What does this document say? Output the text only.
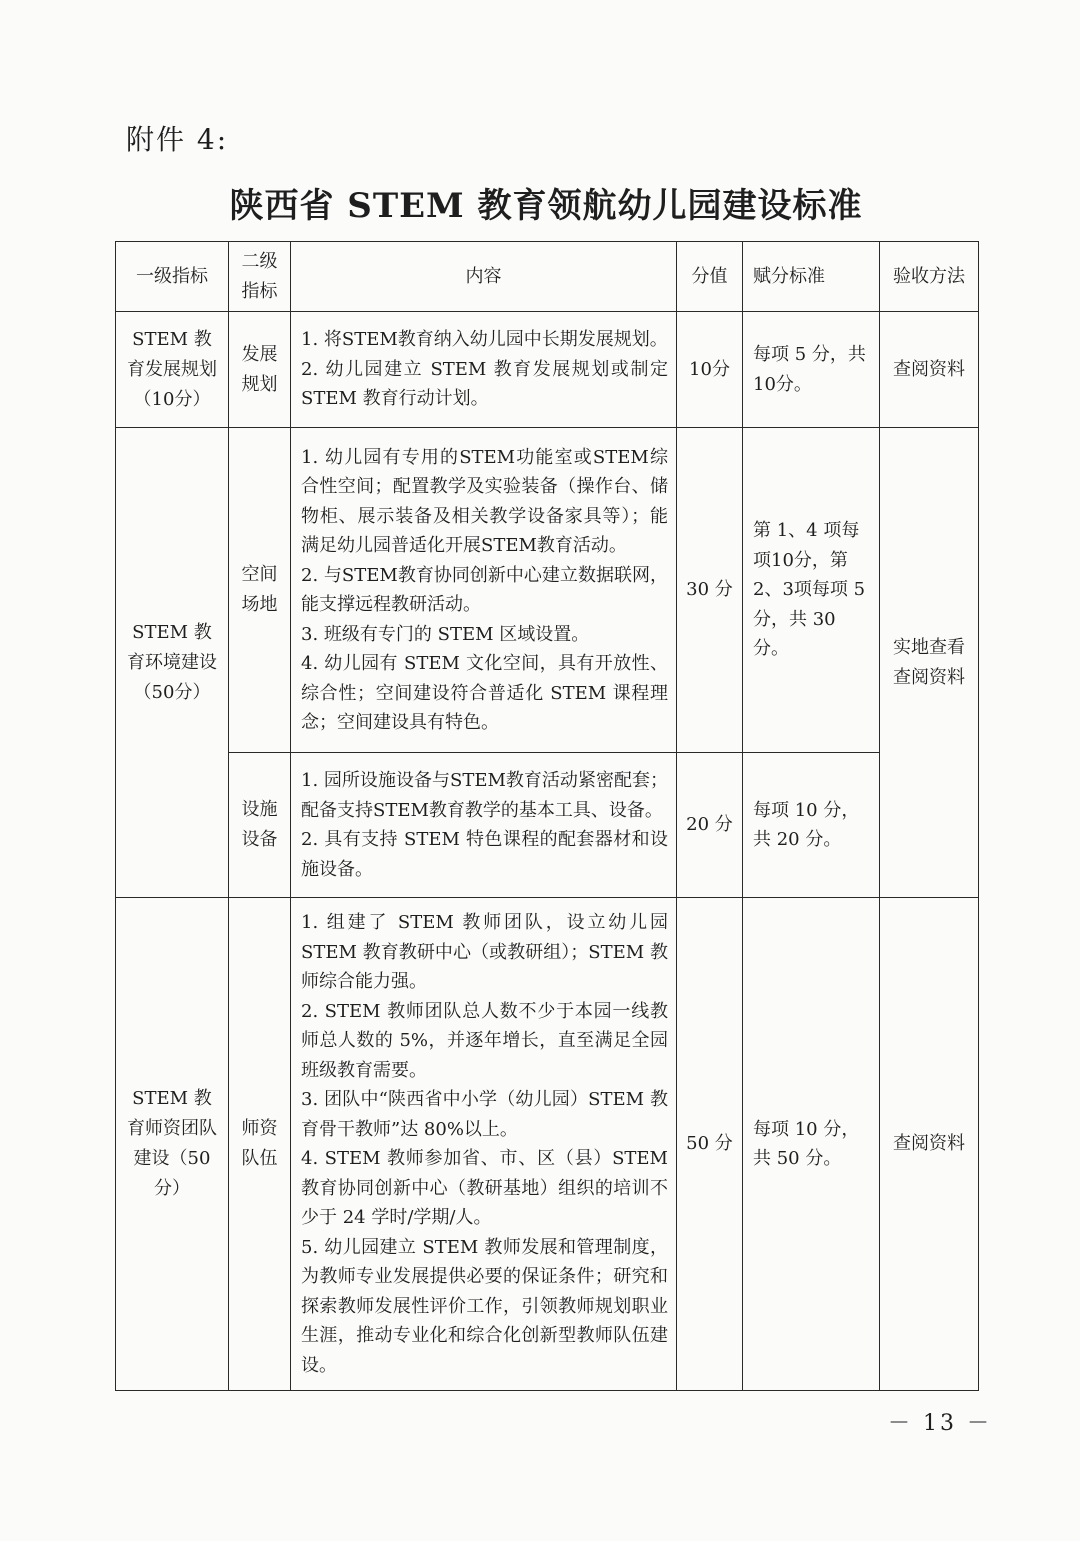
附件 4:
陕西省 STEM 教育领航幼儿园建设标准
一级指标	二级指标	内容	分值	赋分标准	验收方法
STEM 教育发展规划（10分）	发展规划	1. 将STEM教育纳入幼儿园中长期发展规划。
2. 幼儿园建立 STEM 教育发展规划或制定STEM 教育行动计划。	10分	每项 5 分，共10分。	查阅资料
STEM 教育环境建设（50分）	空间场地	1. 幼儿园有专用的STEM功能室或STEM综合性空间；配置教学及实验装备（操作台、储物柜、展示装备及相关教学设备家具等）；能满足幼儿园普适化开展STEM教育活动。
2. 与STEM教育协同创新中心建立数据联网，能支撑远程教研活动。
3. 班级有专门的 STEM 区域设置。
4. 幼儿园有 STEM 文化空间，具有开放性、综合性；空间建设符合普适化 STEM 课程理念；空间建设具有特色。	30 分	第 1、4 项每项10分，第2、3项每项 5 分，共 30 分。	实地查看查阅资料
	设施设备	1. 园所设施设备与STEM教育活动紧密配套；配备支持STEM教育教学的基本工具、设备。
2. 具有支持 STEM 特色课程的配套器材和设施设备。	20 分	每项 10 分，共 20 分。	
STEM 教育师资团队建设（50分）	师资队伍	1. 组建了 STEM 教师团队，设立幼儿园 STEM 教育教研中心（或教研组）；STEM 教师综合能力强。
2. STEM 教师团队总人数不少于本园一线教师总人数的 5%，并逐年增长，直至满足全园班级教育需要。
3. 团队中“陕西省中小学（幼儿园）STEM 教育骨干教师”达 80%以上。
4. STEM 教师参加省、市、区（县）STEM 教育协同创新中心（教研基地）组织的培训不少于 24 学时/学期/人。
5. 幼儿园建立 STEM 教师发展和管理制度，为教师专业发展提供必要的保证条件；研究和探索教师发展性评价工作，引领教师规划职业生涯，推动专业化和综合化创新型教师队伍建设。	50 分	每项 10 分，共 50 分。	查阅资料
－ 13 －
